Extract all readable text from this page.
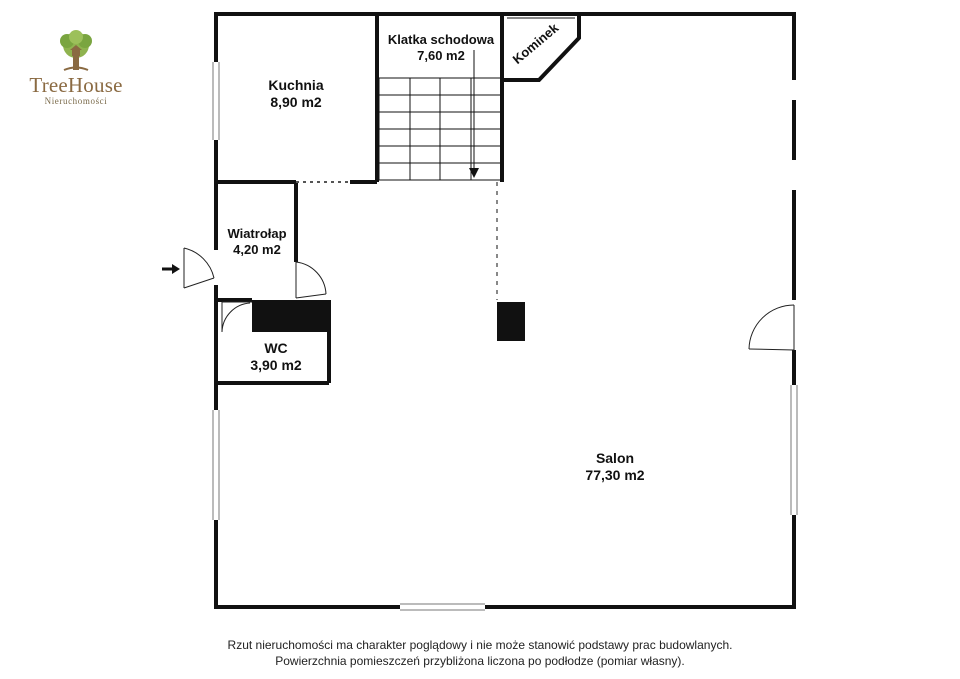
TreeHouse
Nieruchomości
Kuchnia
8,90 m2
Klatka schodowa
7,60 m2	Kominek
Wiatrołap
4,20 m2
WC
3,90 m2
Salon
77,30 m2
Rzut nieruchomości ma charakter poglądowy i nie może stanowić podstawy prac budowlanych.
Powierzchnia pomieszczeń przybliżona liczona po podłodze (pomiar własny).
